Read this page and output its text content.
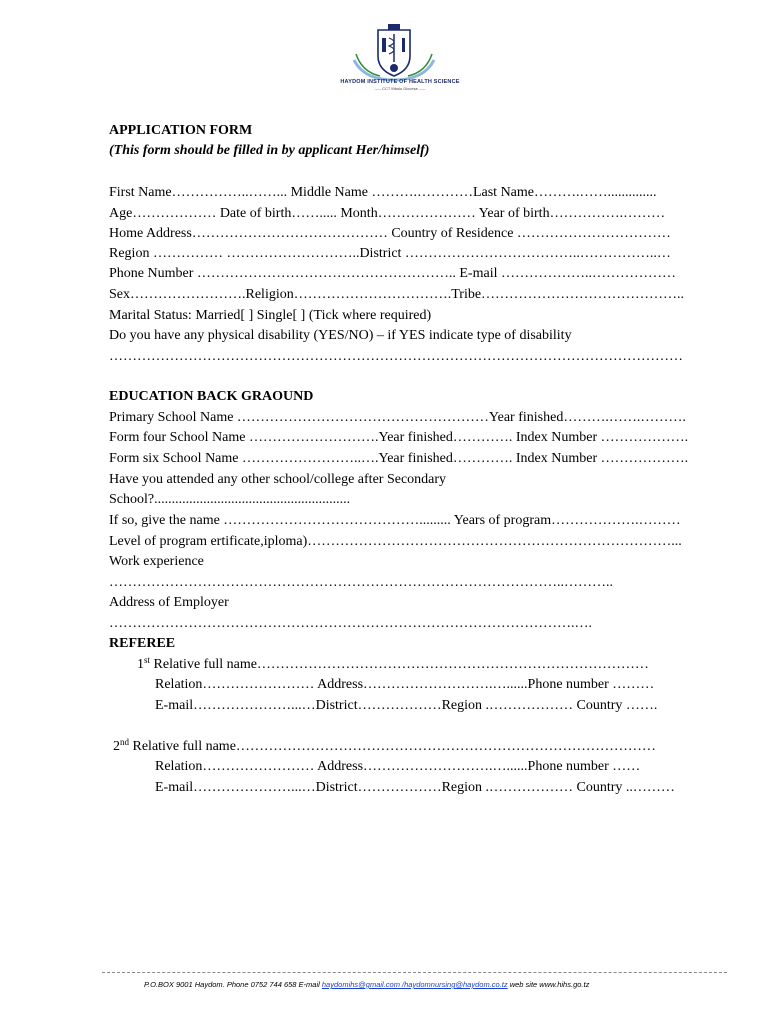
HAYDOM INSTITUTE OF HEALTH SCIENCE
----- CCT Mbulu Diocese -----
APPLICATION FORM
(This form should be filled in by applicant Her/himself)
First Name……………..……... Middle Name ……….…………Last Name……….……..............
Age……………… Date of birth……..... Month………………… Year of birth…………….………
Home Address…………………………………… Country of Residence ……………………………
Region …………… ………………………..District ………………………………..……………..…
Phone Number ……………………………………………….. E-mail ………………..………………
Sex…………………….Religion…………………………….Tribe……………………………………..
Marital Status: Married[ ] Single[ ] (Tick where required)
Do you have any physical disability (YES/NO) – if YES indicate type of disability
……………………………………………………………………………………………………………
EDUCATION BACK GRAOUND
Primary School Name ………………………………………………Year finished……….…….……….
Form four School Name ……………………….Year finished…………. Index Number ……………….
Form six School Name ……………………..….Year finished…………. Index Number ……………….
Have you attended any other school/college after Secondary
School?........................................................
If so, give the name ……………………………………......... Years of program……………….………
Level of program ertificate,iploma)……………………………………………………………………...
Work experience
……………………………………………………………………………………..………..
Address of Employer
……………………………………………………………………………………….….
REFEREE
1st Relative full name…………………………………………………………………………
Relation…………………… Address……………………….…......Phone number ………
E-mail…………………...…District………………Region .……………… Country …….
2nd Relative full name………………………………………………………………………………
Relation…………………… Address……………………….…......Phone number ……
E-mail…………………...…District………………Region .……………… Country ..………
P.O.BOX 9001 Haydom. Phone 0752 744 658 E-mail haydomihs@gmail.com /haydomnursing@haydom.co.tz web site www.hihs.go.tz
